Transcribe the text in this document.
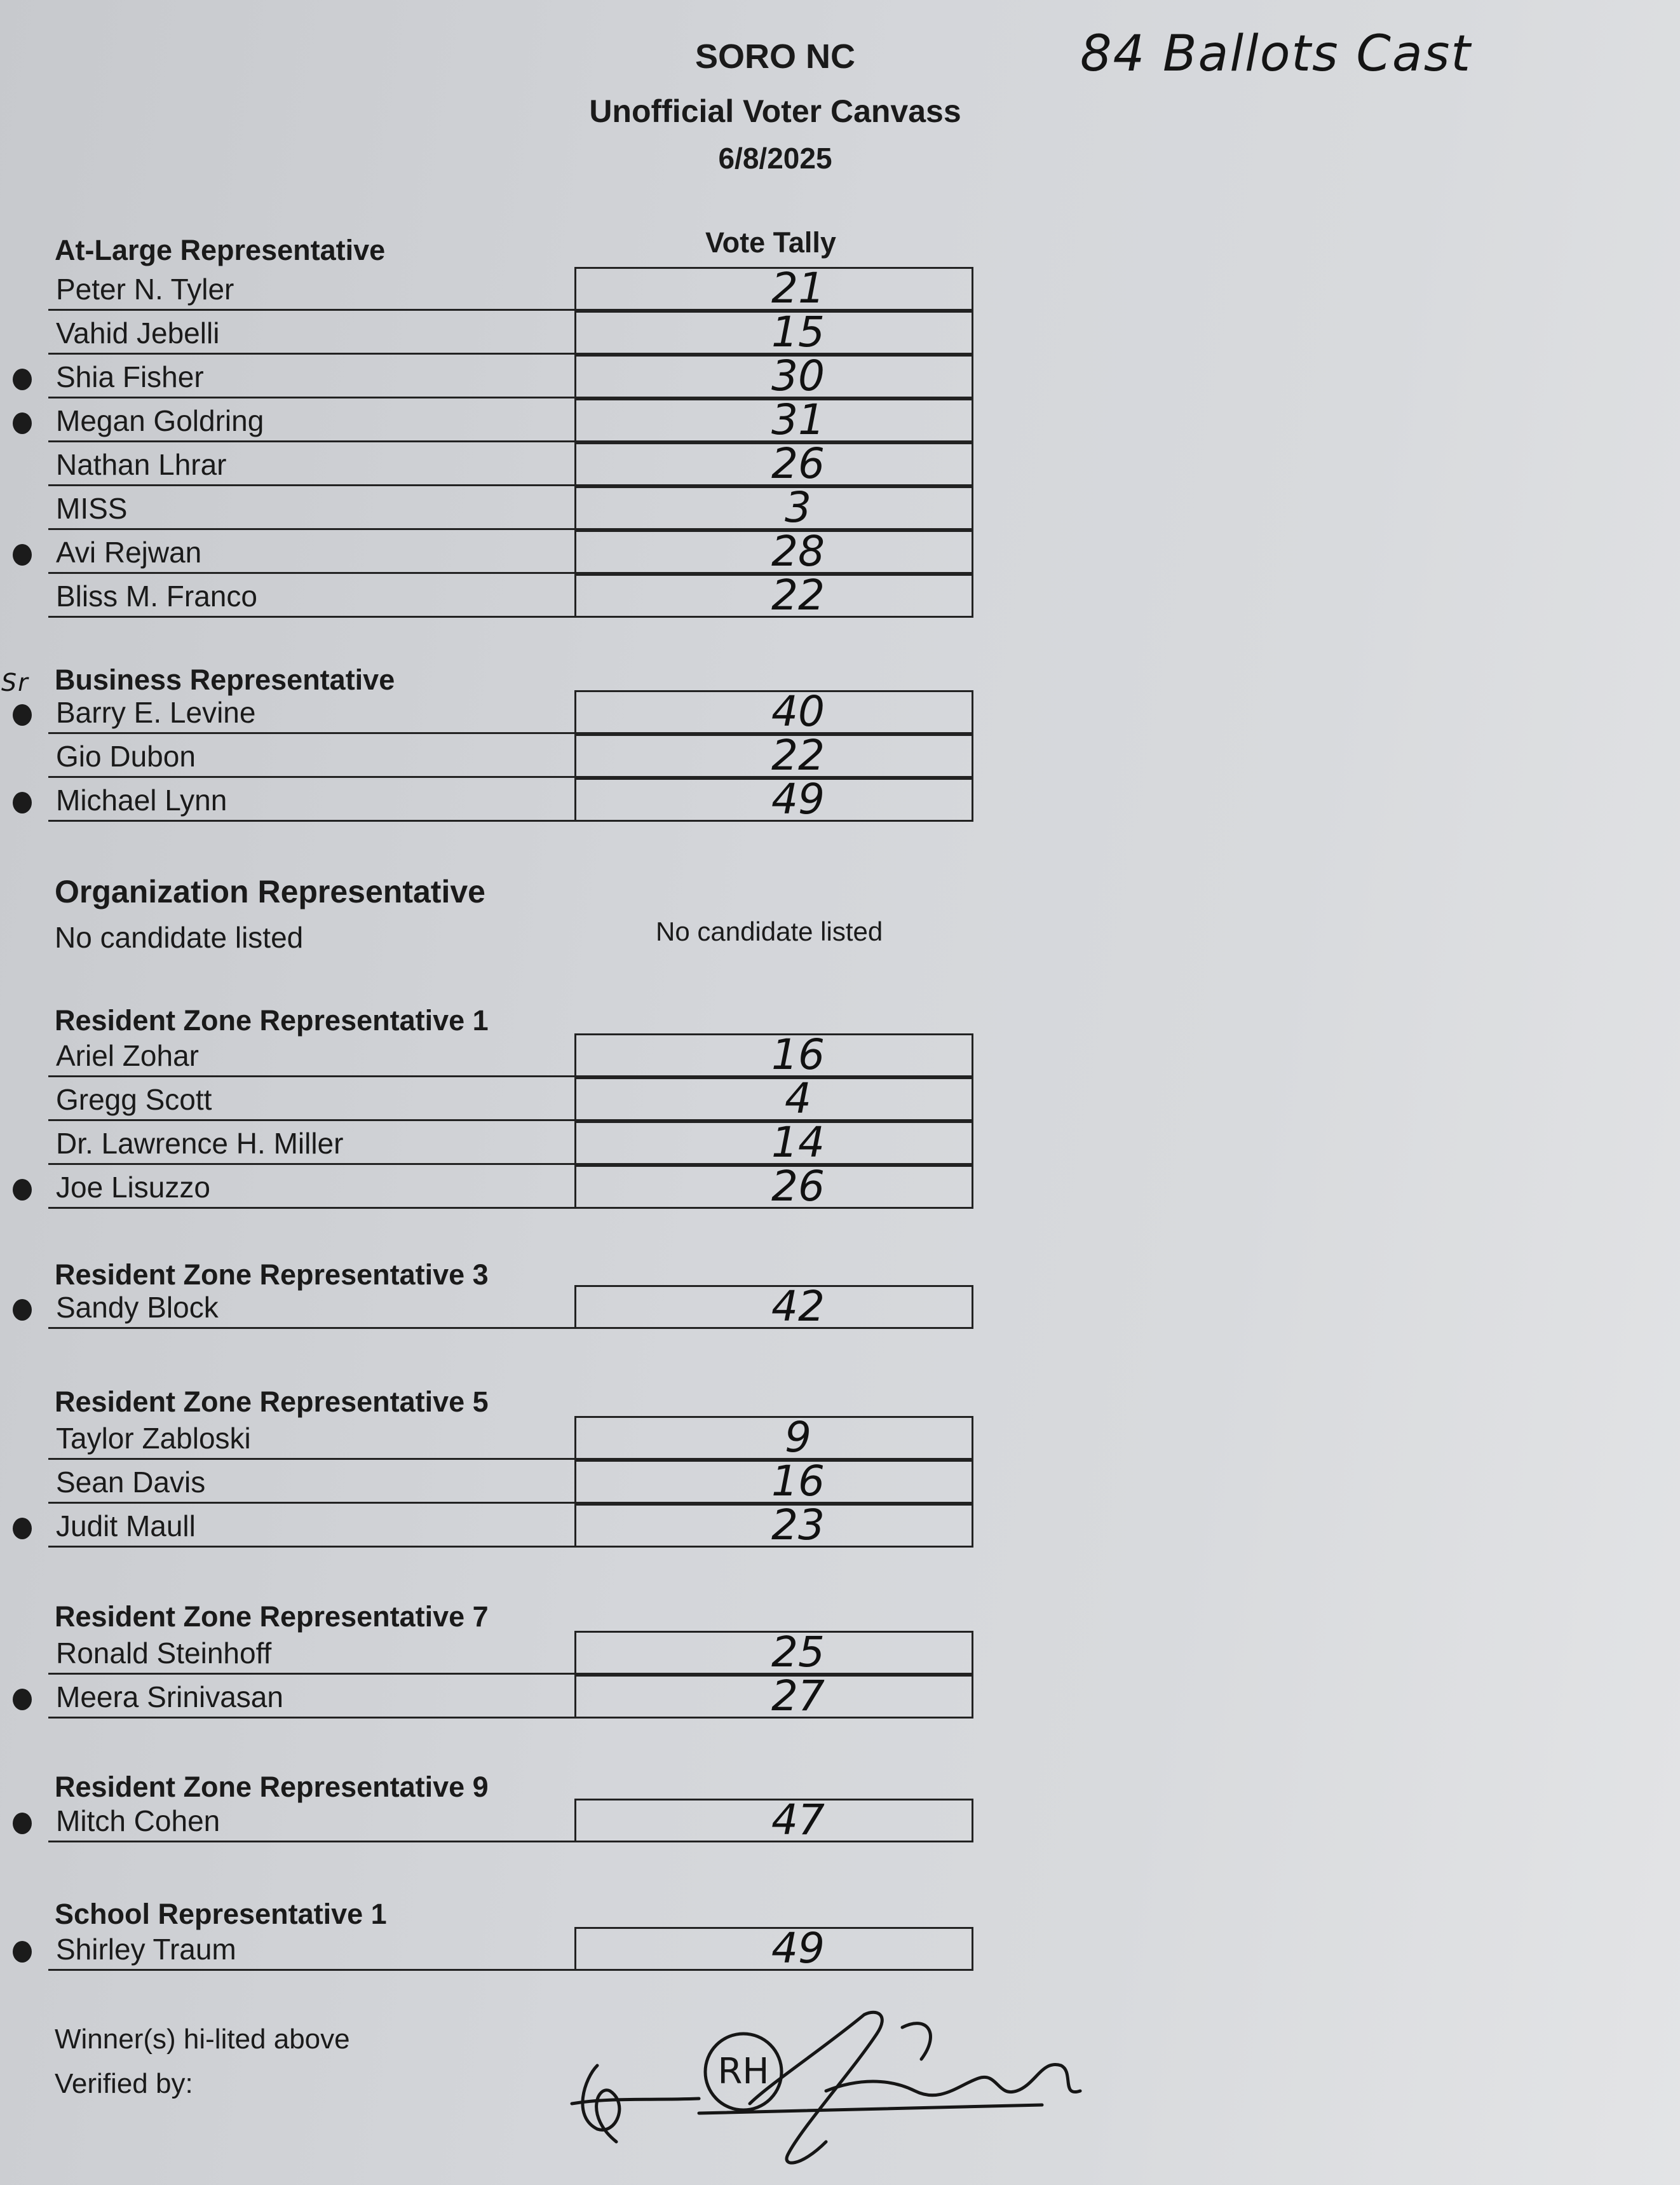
SORO NC
Unofficial Voter Canvass
6/8/2025
84 Ballots Cast
At-Large Representative	Vote Tally
Peter N. Tyler	21
Vahid Jebelli	15
Shia Fisher	30
Megan Goldring	31
Nathan Lhrar	26
MISS	3
Avi Rejwan	28
Bliss M. Franco	22
Sr Business Representative
Barry E. Levine	40
Gio Dubon	22
Michael Lynn	49
Organization Representative
No candidate listed	No candidate listed
Resident Zone Representative 1
Ariel Zohar	16
Gregg Scott	4
Dr. Lawrence H. Miller	14
Joe Lisuzzo	26
Resident Zone Representative 3
Sandy Block	42
Resident Zone Representative 5
Taylor Zabloski	9
Sean Davis	16
Judit Maull	23
Resident Zone Representative 7
Ronald Steinhoff	25
Meera Srinivasan	27
Resident Zone Representative 9
Mitch Cohen	47
School Representative 1
Shirley Traum	49
Winner(s) hi-lited above
Verified by:	RH
